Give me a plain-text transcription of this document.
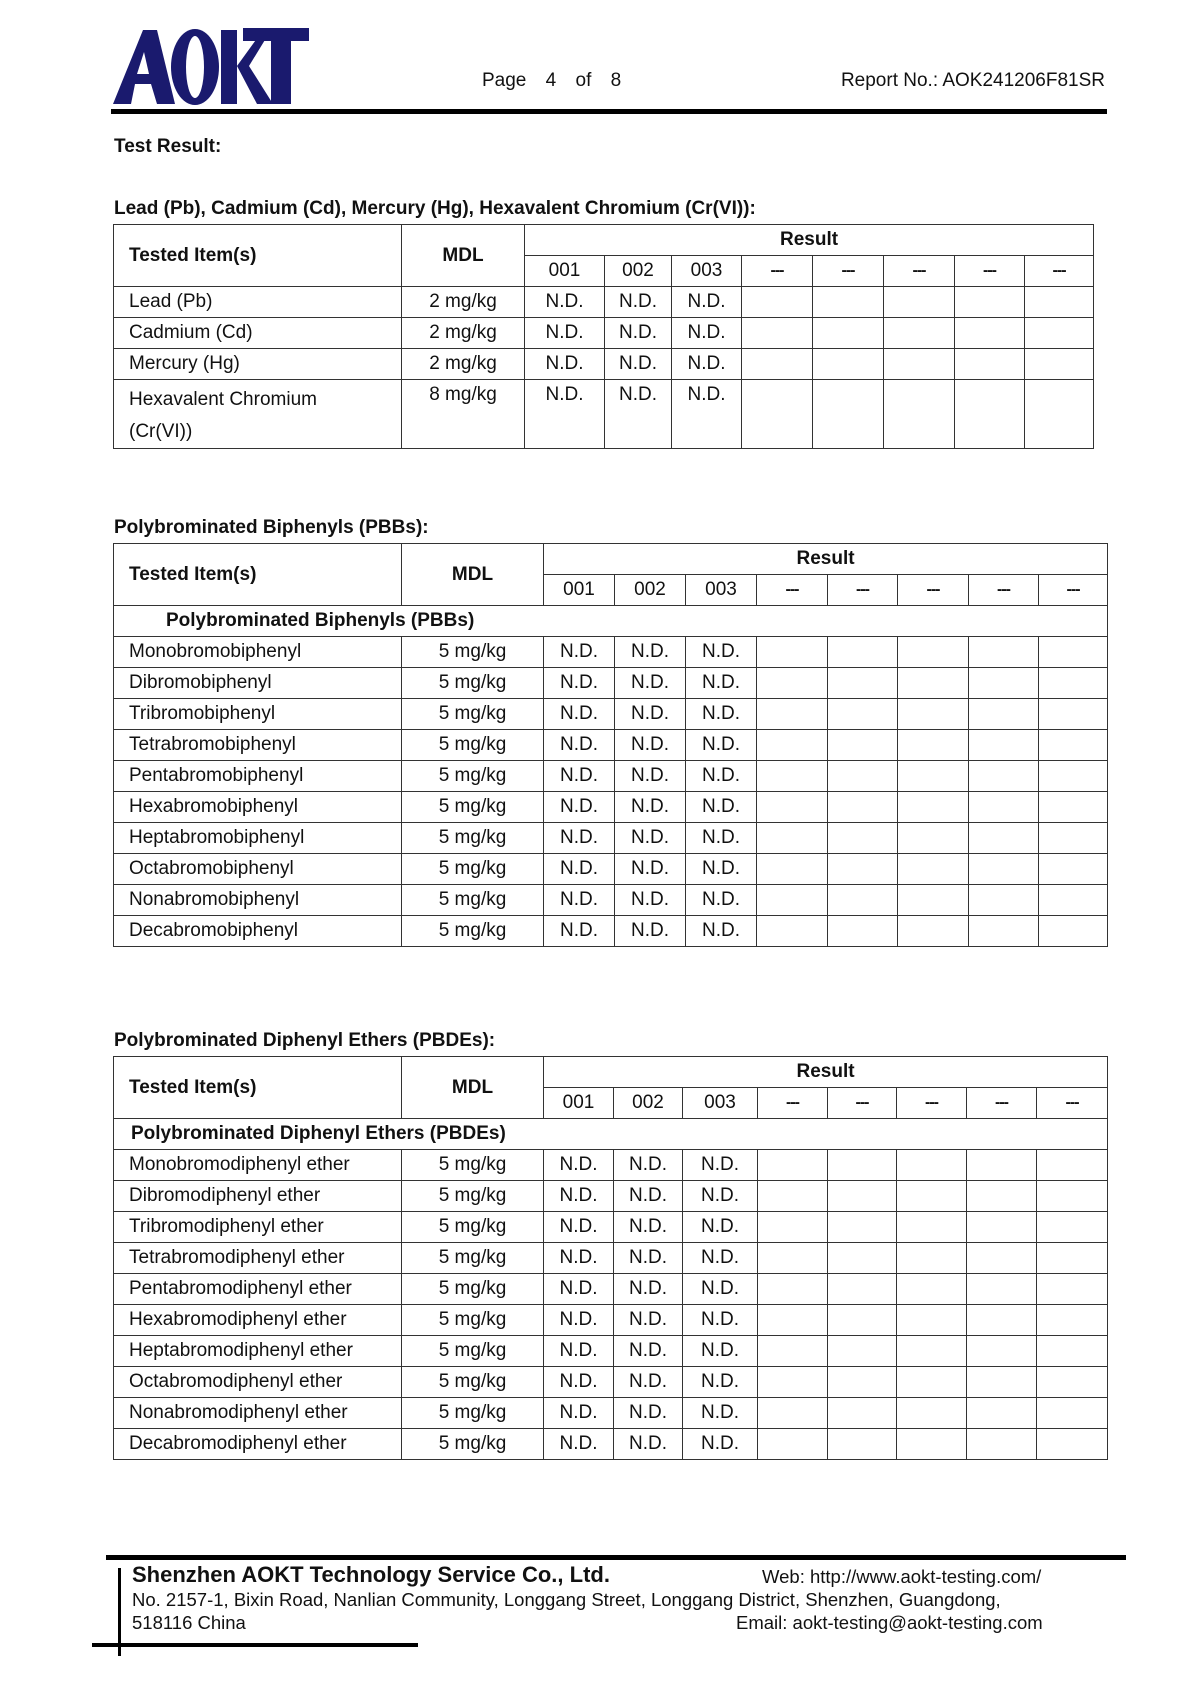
Page 4 of 8	Report No.: AOK241206F81SR
Test Result:
Lead (Pb), Cadmium (Cd), Mercury (Hg), Hexavalent Chromium (Cr(VI)):
Tested Item(s)	MDL	Result							
		001	002	003	---	---	---	---	---
Lead (Pb)	2 mg/kg	N.D.	N.D.	N.D.					
Cadmium (Cd)	2 mg/kg	N.D.	N.D.	N.D.					
Mercury (Hg)	2 mg/kg	N.D.	N.D.	N.D.					
Hexavalent Chromium
(Cr(VI))	8 mg/kg	N.D.	N.D.	N.D.					
Polybrominated Biphenyls (PBBs):
Tested Item(s)	MDL	Result							
		001	002	003	---	---	---	---	---
Polybrominated Biphenyls (PBBs)									
Monobromobiphenyl	5 mg/kg	N.D.	N.D.	N.D.					
Dibromobiphenyl	5 mg/kg	N.D.	N.D.	N.D.					
Tribromobiphenyl	5 mg/kg	N.D.	N.D.	N.D.					
Tetrabromobiphenyl	5 mg/kg	N.D.	N.D.	N.D.					
Pentabromobiphenyl	5 mg/kg	N.D.	N.D.	N.D.					
Hexabromobiphenyl	5 mg/kg	N.D.	N.D.	N.D.					
Heptabromobiphenyl	5 mg/kg	N.D.	N.D.	N.D.					
Octabromobiphenyl	5 mg/kg	N.D.	N.D.	N.D.					
Nonabromobiphenyl	5 mg/kg	N.D.	N.D.	N.D.					
Decabromobiphenyl	5 mg/kg	N.D.	N.D.	N.D.					
Polybrominated Diphenyl Ethers (PBDEs):
Tested Item(s)	MDL	Result							
		001	002	003	---	---	---	---	---
Polybrominated Diphenyl Ethers (PBDEs)									
Monobromodiphenyl ether	5 mg/kg	N.D.	N.D.	N.D.					
Dibromodiphenyl ether	5 mg/kg	N.D.	N.D.	N.D.					
Tribromodiphenyl ether	5 mg/kg	N.D.	N.D.	N.D.					
Tetrabromodiphenyl ether	5 mg/kg	N.D.	N.D.	N.D.					
Pentabromodiphenyl ether	5 mg/kg	N.D.	N.D.	N.D.					
Hexabromodiphenyl ether	5 mg/kg	N.D.	N.D.	N.D.					
Heptabromodiphenyl ether	5 mg/kg	N.D.	N.D.	N.D.					
Octabromodiphenyl ether	5 mg/kg	N.D.	N.D.	N.D.					
Nonabromodiphenyl ether	5 mg/kg	N.D.	N.D.	N.D.					
Decabromodiphenyl ether	5 mg/kg	N.D.	N.D.	N.D.					
Shenzhen AOKT Technology Service Co., Ltd.	Web: http://www.aokt-testing.com/
No. 2157-1, Bixin Road, Nanlian Community, Longgang Street, Longgang District, Shenzhen, Guangdong,
518116 China	Email: aokt-testing@aokt-testing.com
